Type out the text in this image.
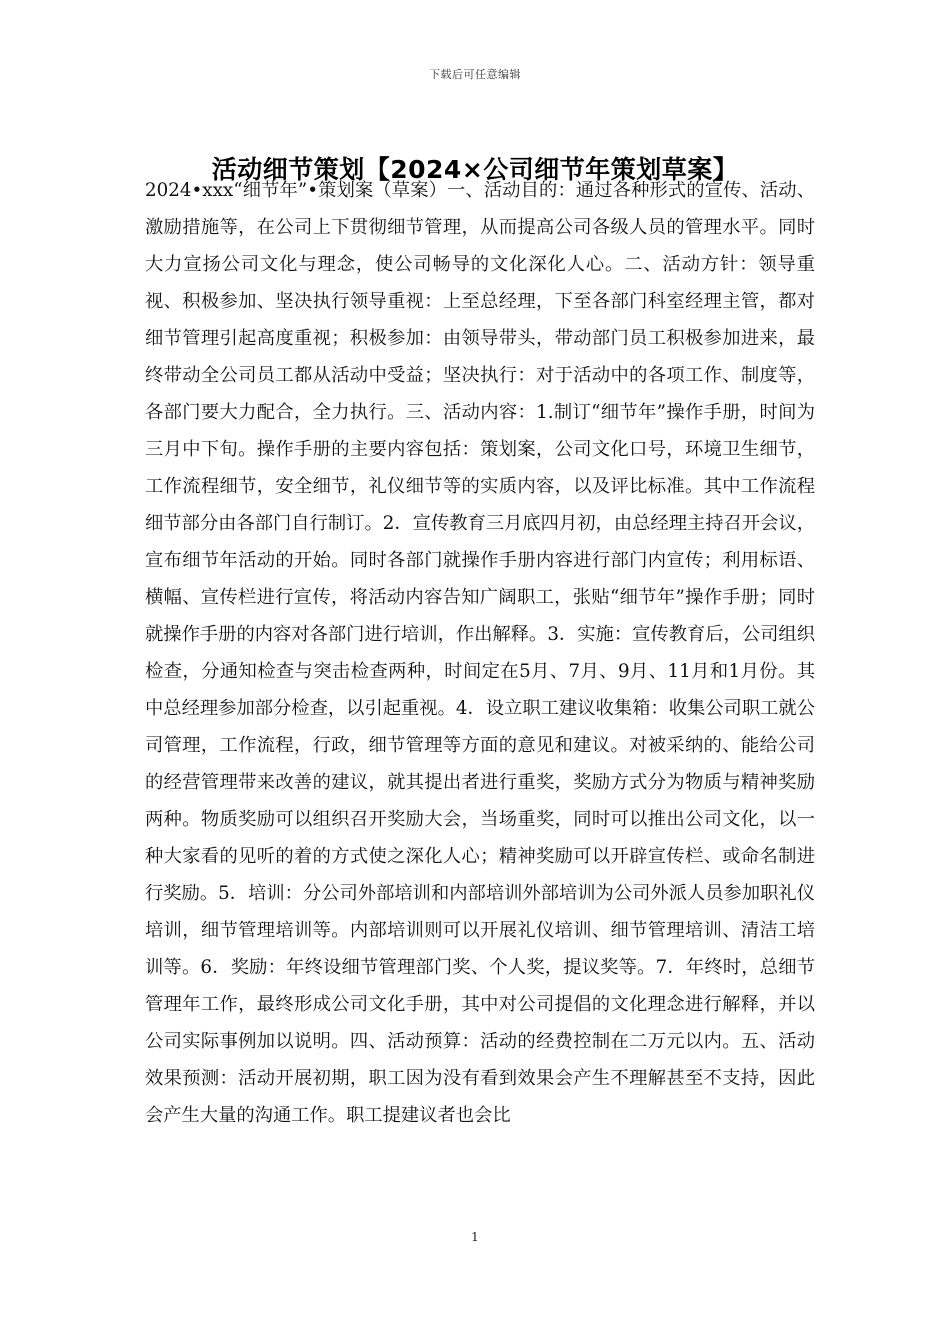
下载后可任意编辑
活动细节策划【2024×公司细节年策划草案】

2024•xxx“细节年”•策划案（草案）一、活动目的：通过各种形式的宣传、活动、激励措施等，在公司上下贯彻细节管理，从而提高公司各级人员的管理水平。同时大力宣扬公司文化与理念，使公司畅导的文化深化人心。二、活动方针：领导重视、积极参加、坚决执行领导重视：上至总经理，下至各部门科室经理主管，都对细节管理引起高度重视；积极参加：由领导带头，带动部门员工积极参加进来，最终带动全公司员工都从活动中受益；坚决执行：对于活动中的各项工作、制度等，各部门要大力配合，全力执行。三、活动内容：1.制订“细节年”操作手册，时间为三月中下旬。操作手册的主要内容包括：策划案，公司文化口号，环境卫生细节，工作流程细节，安全细节，礼仪细节等的实质内容，以及评比标准。其中工作流程细节部分由各部门自行制订。2．宣传教育三月底四月初，由总经理主持召开会议，宣布细节年活动的开始。同时各部门就操作手册内容进行部门内宣传；利用标语、横幅、宣传栏进行宣传，将活动内容告知广阔职工，张贴“细节年”操作手册；同时就操作手册的内容对各部门进行培训，作出解释。3．实施：宣传教育后，公司组织检查，分通知检查与突击检查两种，时间定在5月、7月、9月、11月和1月份。其中总经理参加部分检查，以引起重视。4．设立职工建议收集箱：收集公司职工就公司管理，工作流程，行政，细节管理等方面的意见和建议。对被采纳的、能给公司的经营管理带来改善的建议，就其提出者进行重奖，奖励方式分为物质与精神奖励两种。物质奖励可以组织召开奖励大会，当场重奖，同时可以推出公司文化，以一种大家看的见听的着的方式使之深化人心；精神奖励可以开辟宣传栏、或命名制进行奖励。5．培训：分公司外部培训和内部培训外部培训为公司外派人员参加职礼仪培训，细节管理培训等。内部培训则可以开展礼仪培训、细节管理培训、清洁工培训等。6．奖励：年终设细节管理部门奖、个人奖，提议奖等。7．年终时，总细节管理年工作，最终形成公司文化手册，其中对公司提倡的文化理念进行解释，并以公司实际事例加以说明。四、活动预算：活动的经费控制在二万元以内。五、活动效果预测：活动开展初期，职工因为没有看到效果会产生不理解甚至不支持，因此会产生大量的沟通工作。职工提建议者也会比

1
